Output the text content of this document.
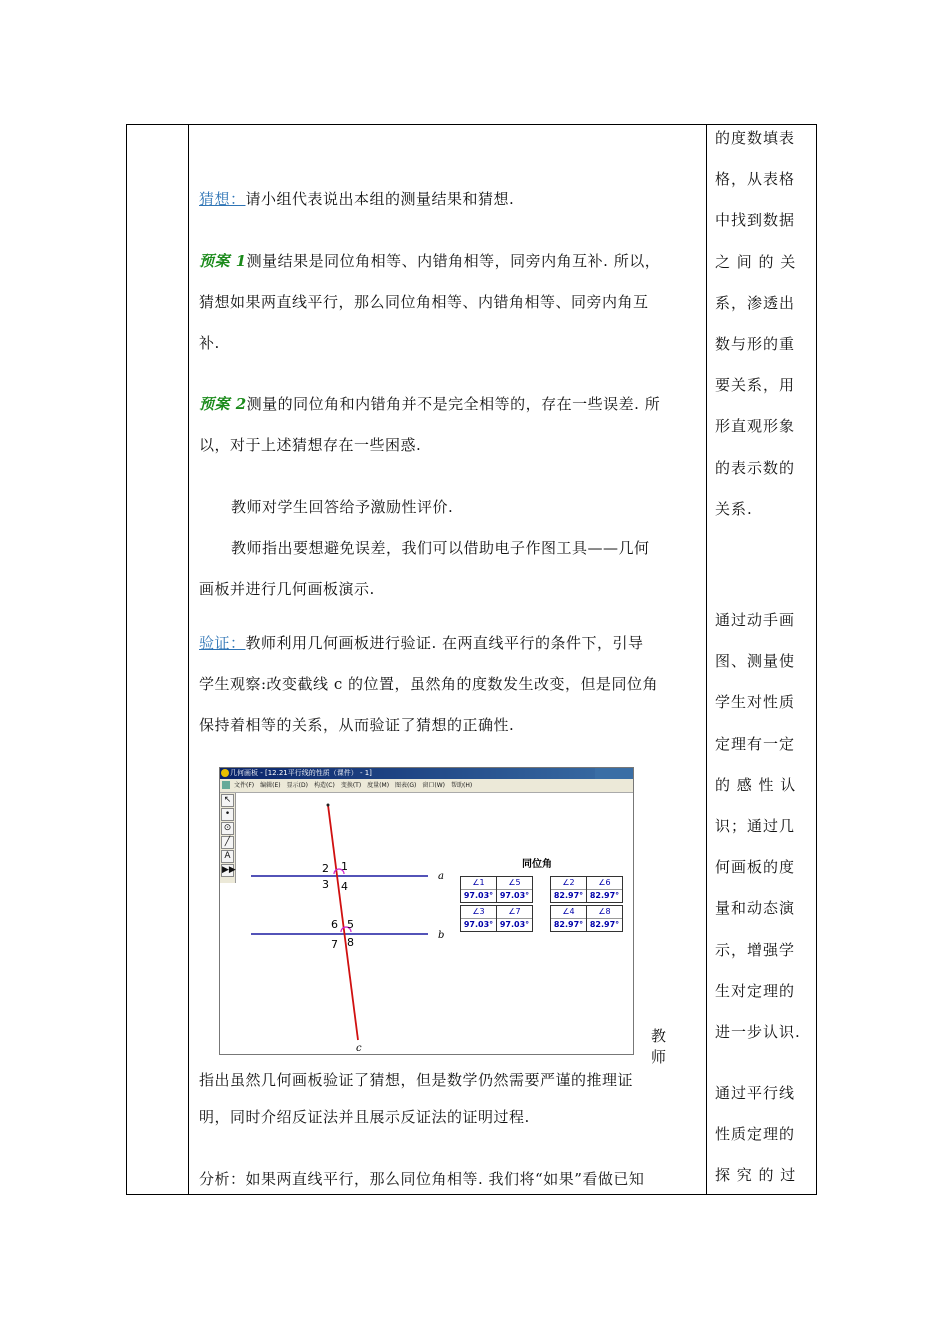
猜想：请小组代表说出本组的测量结果和猜想.
预案 1测量结果是同位角相等、内错角相等，同旁内角互补. 所以，
猜想如果两直线平行，那么同位角相等、内错角相等、同旁内角互
补.
预案 2测量的同位角和内错角并不是完全相等的，存在一些误差. 所
以，对于上述猜想存在一些困惑.
教师对学生回答给予激励性评价.
教师指出要想避免误差，我们可以借助电子作图工具——几何
画板并进行几何画板演示.
验证：教师利用几何画板进行验证. 在两直线平行的条件下，引导
学生观察:改变截线 c 的位置，虽然角的度数发生改变，但是同位角
保持着相等的关系，从而验证了猜想的正确性.
教师
指出虽然几何画板验证了猜想，但是数学仍然需要严谨的推理证
明，同时介绍反证法并且展示反证法的证明过程.
分析：如果两直线平行，那么同位角相等. 我们将“如果”看做已知
的度数填表
格，从表格
中找到数据
之 间 的 关
系，渗透出
数与形的重
要关系，用
形直观形象
的表示数的
关系.
通过动手画
图、测量使
学生对性质
定理有一定
的 感 性 认
识；通过几
何画板的度
量和动态演
示，增强学
生对定理的
进一步认识.
通过平行线
性质定理的
探 究 的 过
几何画板 - [12.21平行线的性质（课件） - 1]
文件(F) 编辑(E) 显示(D) 构造(C) 变换(T) 度量(M) 图表(G) 窗口(W) 帮助(H)
↖
•
⊙
╱
A
▶▶	2 1
3 4
6 5
7 8
a
b
c
同位角
∠1
97.03°
∠5
97.03°
∠3
97.03°
∠7
97.03°
∠2
82.97°
∠6
82.97°
∠4
82.97°
∠8
82.97°
